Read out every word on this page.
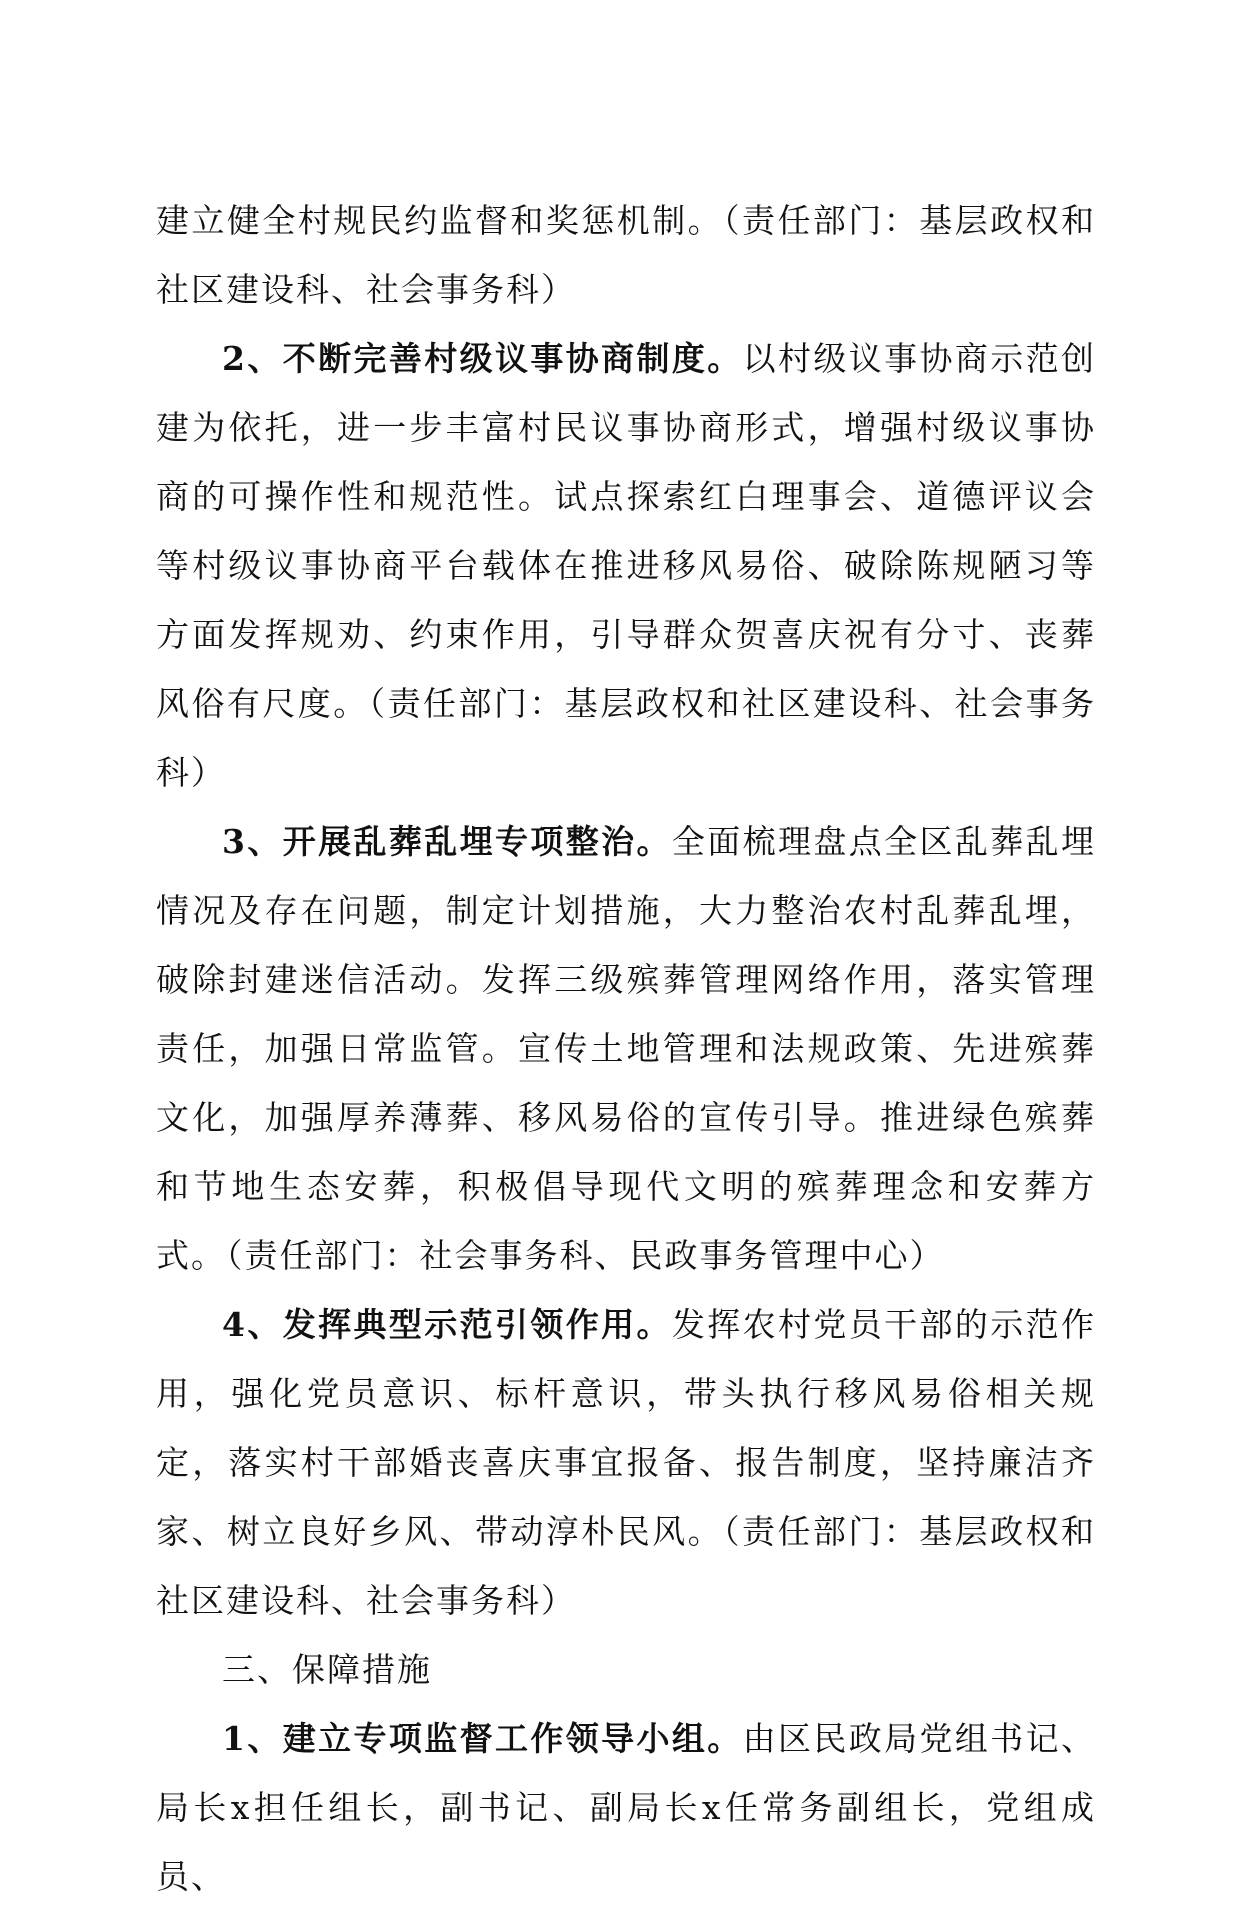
建立健全村规民约监督和奖惩机制。（责任部门：基层政权和社区建设科、社会事务科）

2、不断完善村级议事协商制度。以村级议事协商示范创建为依托，进一步丰富村民议事协商形式，增强村级议事协商的可操作性和规范性。试点探索红白理事会、道德评议会等村级议事协商平台载体在推进移风易俗、破除陈规陋习等方面发挥规劝、约束作用，引导群众贺喜庆祝有分寸、丧葬风俗有尺度。（责任部门：基层政权和社区建设科、社会事务科）

3、开展乱葬乱埋专项整治。全面梳理盘点全区乱葬乱埋情况及存在问题，制定计划措施，大力整治农村乱葬乱埋，破除封建迷信活动。发挥三级殡葬管理网络作用，落实管理责任，加强日常监管。宣传土地管理和法规政策、先进殡葬文化，加强厚养薄葬、移风易俗的宣传引导。推进绿色殡葬和节地生态安葬，积极倡导现代文明的殡葬理念和安葬方式。（责任部门：社会事务科、民政事务管理中心）

4、发挥典型示范引领作用。发挥农村党员干部的示范作用，强化党员意识、标杆意识，带头执行移风易俗相关规定，落实村干部婚丧喜庆事宜报备、报告制度，坚持廉洁齐家、树立良好乡风、带动淳朴民风。（责任部门：基层政权和社区建设科、社会事务科）

三、保障措施

1、建立专项监督工作领导小组。由区民政局党组书记、局长x担任组长，副书记、副局长x任常务副组长，党组成员、
